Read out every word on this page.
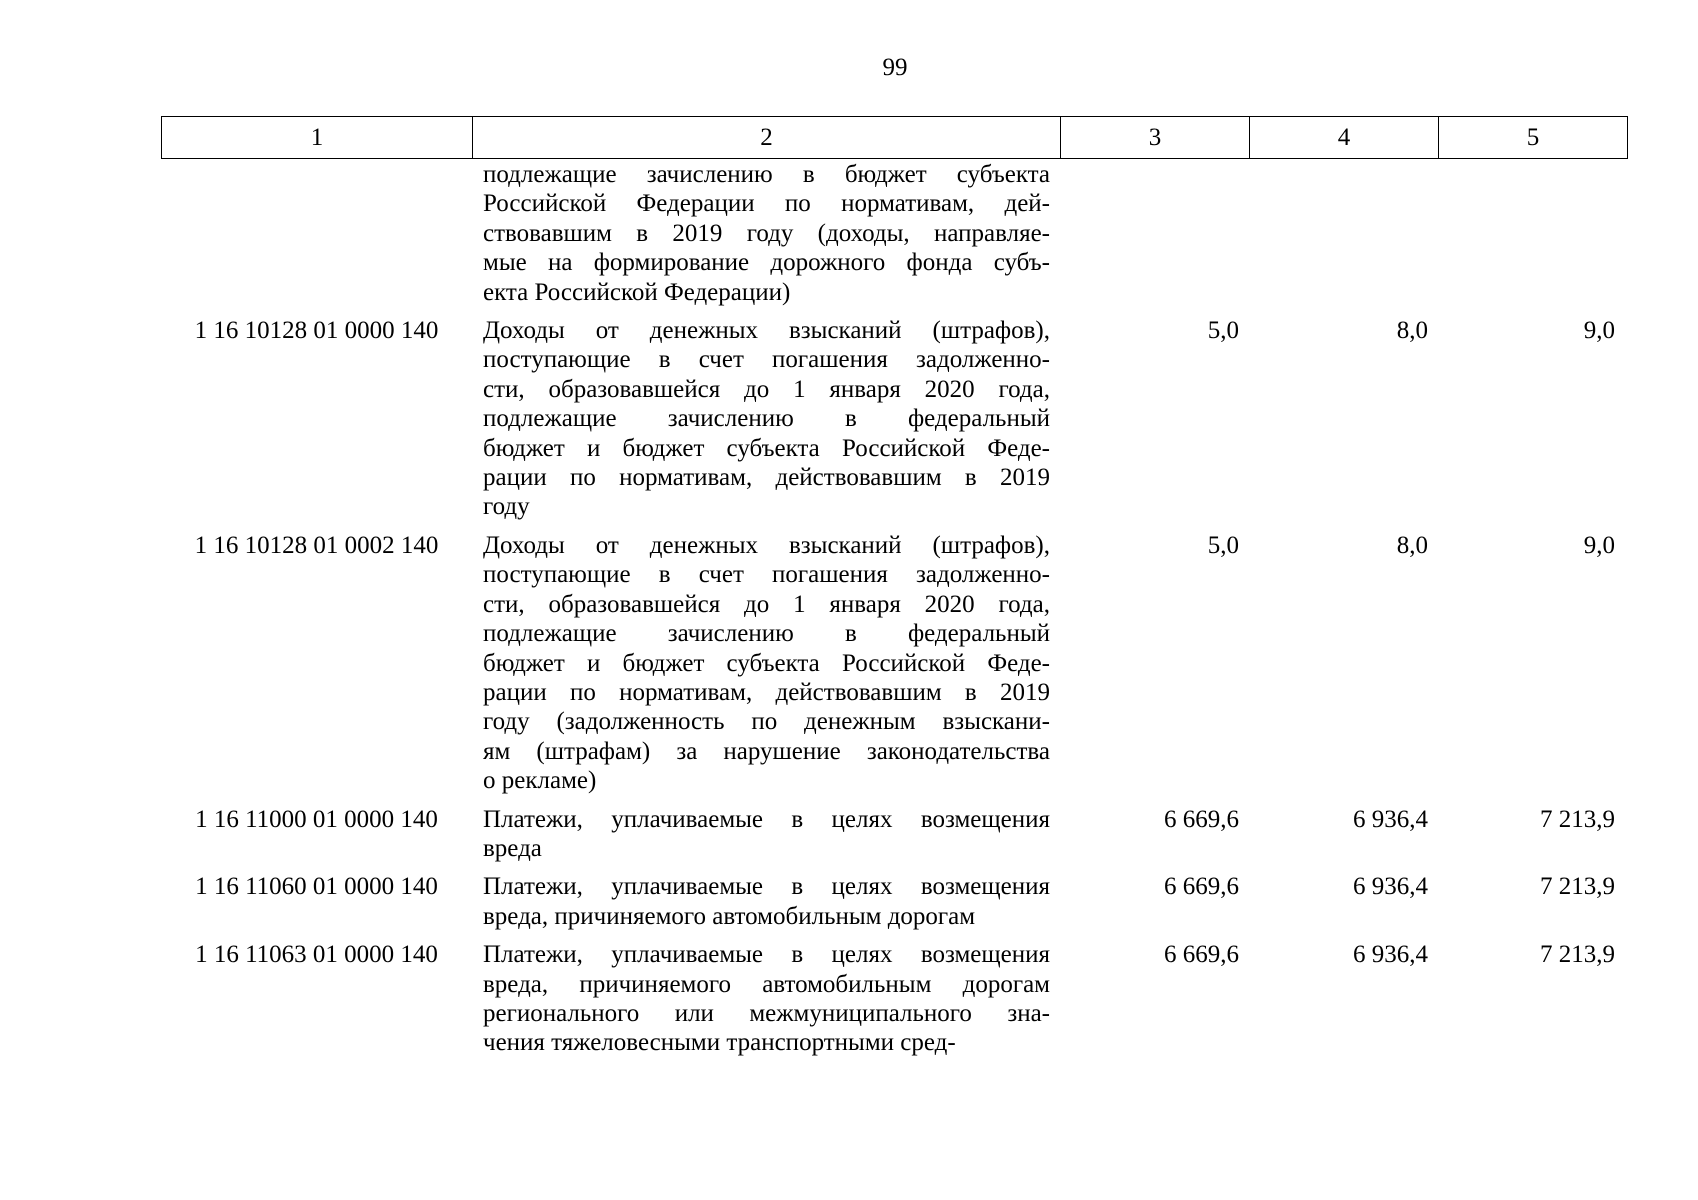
99
1	2	3	4	5
подлежащие зачислению в бюджет субъекта
Российской Федерации по нормативам, дей-
ствовавшим в 2019 году (доходы, направляе-
мые на формирование дорожного фонда субъ-
екта Российской Федерации)
1 16 10128 01 0000 140	Доходы от денежных взысканий (штрафов),
поступающие в счет погашения задолженно-
сти, образовавшейся до 1 января 2020 года,
подлежащие зачислению в федеральный
бюджет и бюджет субъекта Российской Феде-
рации по нормативам, действовавшим в 2019
году
5,0	8,0	9,0
1 16 10128 01 0002 140	Доходы от денежных взысканий (штрафов),
поступающие в счет погашения задолженно-
сти, образовавшейся до 1 января 2020 года,
подлежащие зачислению в федеральный
бюджет и бюджет субъекта Российской Феде-
рации по нормативам, действовавшим в 2019
году (задолженность по денежным взыскани-
ям (штрафам) за нарушение законодательства
о рекламе)
5,0	8,0	9,0
1 16 11000 01 0000 140	Платежи, уплачиваемые в целях возмещения
вреда
6 669,6	6 936,4	7 213,9
1 16 11060 01 0000 140	Платежи, уплачиваемые в целях возмещения
вреда, причиняемого автомобильным дорогам
6 669,6	6 936,4	7 213,9
1 16 11063 01 0000 140	Платежи, уплачиваемые в целях возмещения
вреда, причиняемого автомобильным дорогам
регионального или межмуниципального зна-
чения тяжеловесными транспортными сред-
6 669,6	6 936,4	7 213,9
